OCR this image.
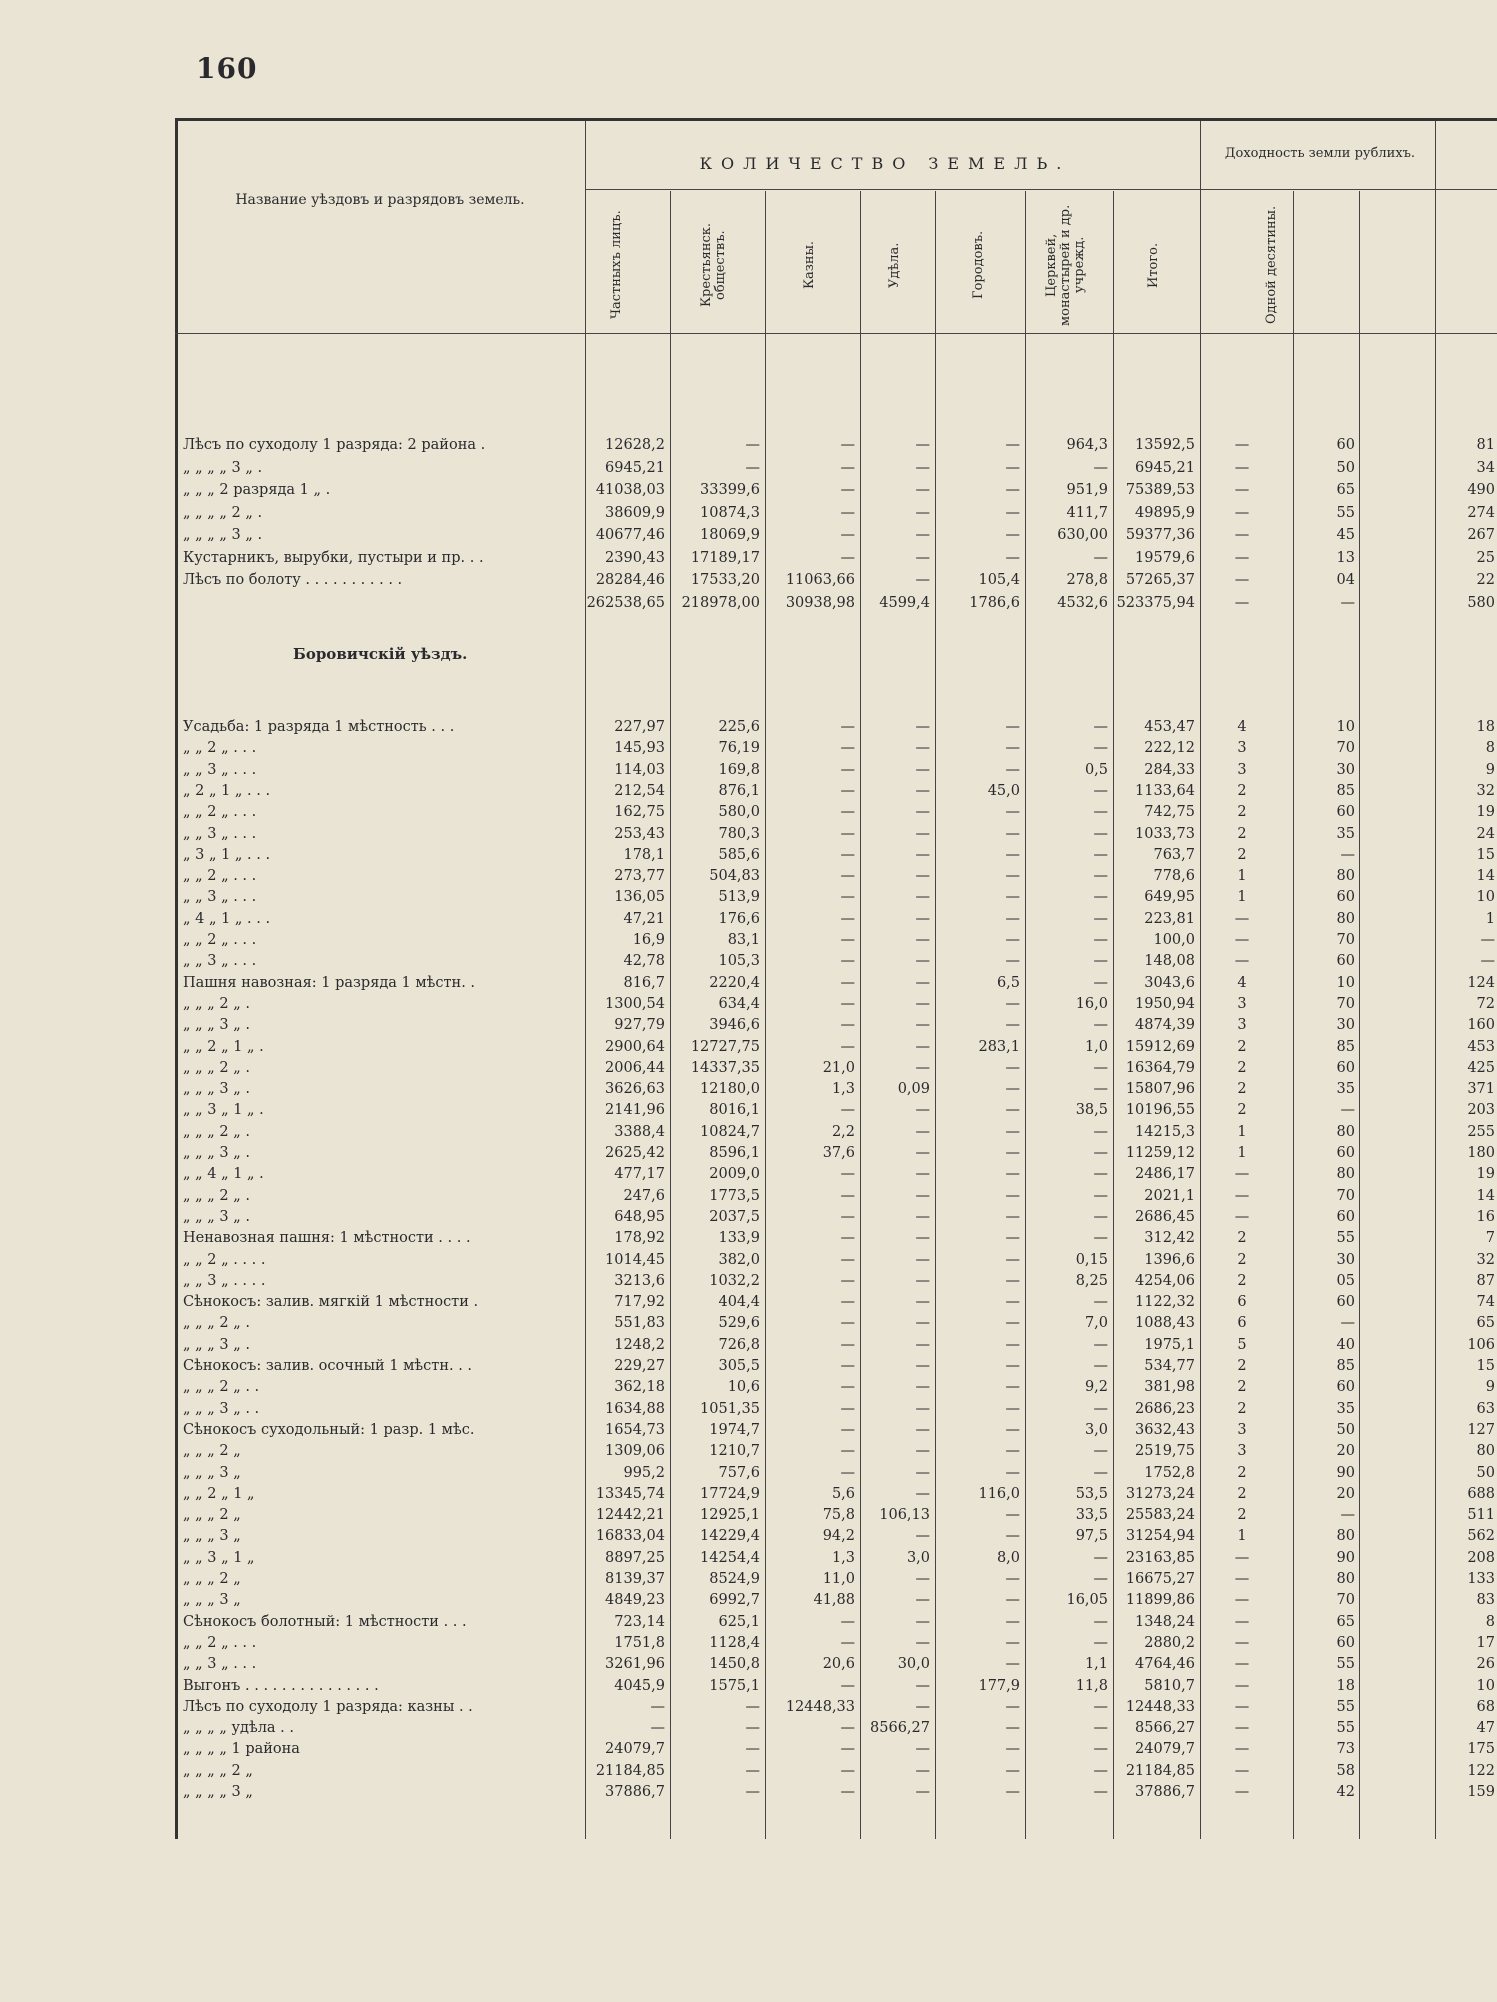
160
Название уѣздовъ и разрядовъ земель.
КОЛИЧЕСТВО ЗЕМЕЛЬ.
Доходность земли рублихъ.
Частныхъ лицъ.	Крестьянск. обществъ.	Казны.	Удѣла.	Городовъ.	Церквей, монастырей и др. учрежд.	Итого.	Одной десятины.
Лѣсъ по суходолу 1 разряда: 2 района .	12628,2	—	—	—	—	964,3	13592,5	—	60	81
„ „ „ „ 3 „ .	6945,21	—	—	—	—	—	6945,21	—	50	34
„ „ „ 2 разряда 1 „ .	41038,03	33399,6	—	—	—	951,9	75389,53	—	65	490
„ „ „ „ 2 „ .	38609,9	10874,3	—	—	—	411,7	49895,9	—	55	274
„ „ „ „ 3 „ .	40677,46	18069,9	—	—	—	630,00	59377,36	—	45	267
Кустарникъ, вырубки, пустыри и пр. . .	2390,43	17189,17	—	—	—	—	19579,6	—	13	25
Лѣсъ по болоту . . . . . . . . . . .	28284,46	17533,20	11063,66	—	105,4	278,8	57265,37	—	04	22
262538,65	218978,00	30938,98	4599,4	1786,6	4532,6 523375,94	—	—	580
Усадьба: 1 разряда 1 мѣстность . . .	227,97	225,6	—	—	—	—	453,47	4	10	18
„ „ 2 „ . . .	145,93	76,19	—	—	—	—	222,12	3	70	8
„ „ 3 „ . . .	114,03	169,8	—	—	—	0,5	284,33	3	30	9
„ 2 „ 1 „ . . .	212,54	876,1	—	—	45,0	—	1133,64	2	85	32
„ „ 2 „ . . .	162,75	580,0	—	—	—	—	742,75	2	60	19
„ „ 3 „ . . .	253,43	780,3	—	—	—	—	1033,73	2	35	24
„ 3 „ 1 „ . . .	178,1	585,6	—	—	—	—	763,7	2	—	15
„ „ 2 „ . . .	273,77	504,83	—	—	—	—	778,6	1	80	14
„ „ 3 „ . . .	136,05	513,9	—	—	—	—	649,95	1	60	10
„ 4 „ 1 „ . . .	47,21	176,6	—	—	—	—	223,81	—	80	1
„ „ 2 „ . . .	16,9	83,1	—	—	—	—	100,0	—	70	—
„ „ 3 „ . . .	42,78	105,3	—	—	—	—	148,08	—	60	—
Пашня навозная: 1 разряда 1 мѣстн. .	816,7	2220,4	—	—	6,5	—	3043,6	4	10	124
„ „ „ 2 „ .	1300,54	634,4	—	—	—	16,0	1950,94	3	70	72
„ „ „ 3 „ .	927,79	3946,6	—	—	—	—	4874,39	3	30	160
„ „ 2 „ 1 „ .	2900,64	12727,75	—	—	283,1	1,0	15912,69	2	85	453
„ „ „ 2 „ .	2006,44	14337,35	21,0	—	—	—	16364,79	2	60	425
„ „ „ 3 „ .	3626,63	12180,0	1,3	0,09	—	—	15807,96	2	35	371
„ „ 3 „ 1 „ .	2141,96	8016,1	—	—	—	38,5	10196,55	2	—	203
„ „ „ 2 „ .	3388,4	10824,7	2,2	—	—	—	14215,3	1	80	255
„ „ „ 3 „ .	2625,42	8596,1	37,6	—	—	—	11259,12	1	60	180
„ „ 4 „ 1 „ .	477,17	2009,0	—	—	—	—	2486,17	—	80	19
„ „ „ 2 „ .	247,6	1773,5	—	—	—	—	2021,1	—	70	14
„ „ „ 3 „ .	648,95	2037,5	—	—	—	—	2686,45	—	60	16
Ненавозная пашня: 1 мѣстности . . . .	178,92	133,9	—	—	—	—	312,42	2	55	7
„ „ 2 „ . . . .	1014,45	382,0	—	—	—	0,15	1396,6	2	30	32
„ „ 3 „ . . . .	3213,6	1032,2	—	—	—	8,25	4254,06	2	05	87
Сѣнокосъ: залив. мягкій 1 мѣстности .	717,92	404,4	—	—	—	—	1122,32	6	60	74
„ „ „ 2 „ .	551,83	529,6	—	—	—	7,0	1088,43	6	—	65
„ „ „ 3 „ .	1248,2	726,8	—	—	—	—	1975,1	5	40	106
Сѣнокосъ: залив. осочный 1 мѣстн. . .	229,27	305,5	—	—	—	—	534,77	2	85	15
„ „ „ 2 „ . .	362,18	10,6	—	—	—	9,2	381,98	2	60	9
„ „ „ 3 „ . .	1634,88	1051,35	—	—	—	—	2686,23	2	35	63
Сѣнокосъ суходольный: 1 разр. 1 мѣс.	1654,73	1974,7	—	—	—	3,0	3632,43	3	50	127
„ „ „ 2 „	1309,06	1210,7	—	—	—	—	2519,75	3	20	80
„ „ „ 3 „	995,2	757,6	—	—	—	—	1752,8	2	90	50
„ „ 2 „ 1 „	13345,74	17724,9	5,6	—	116,0	53,5	31273,24	2	20	688
„ „ „ 2 „	12442,21	12925,1	75,8	106,13	—	33,5	25583,24	2	—	511
„ „ „ 3 „	16833,04	14229,4	94,2	—	—	97,5	31254,94	1	80	562
„ „ 3 „ 1 „	8897,25	14254,4	1,3	3,0	8,0	—	23163,85	—	90	208
„ „ „ 2 „	8139,37	8524,9	11,0	—	—	—	16675,27	—	80	133
„ „ „ 3 „	4849,23	6992,7	41,88	—	—	16,05	11899,86	—	70	83
Сѣнокосъ болотный: 1 мѣстности . . .	723,14	625,1	—	—	—	—	1348,24	—	65	8
„ „ 2 „ . . .	1751,8	1128,4	—	—	—	—	2880,2	—	60	17
„ „ 3 „ . . .	3261,96	1450,8	20,6	30,0	—	1,1	4764,46	—	55	26
Выгонъ . . . . . . . . . . . . . . .	4045,9	1575,1	—	—	177,9	11,8	5810,7	—	18	10
Лѣсъ по суходолу 1 разряда: казны . .	—	—	12448,33	—	—	—	12448,33	—	55	68
„ „ „ „ удѣла . .	—	—	—	8566,27	—	—	8566,27	—	55	47
„ „ „ „ 1 района	24079,7	—	—	—	—	—	24079,7	—	73	175
„ „ „ „ 2 „	21184,85	—	—	—	—	—	21184,85	—	58	122
„ „ „ „ 3 „	37886,7	—	—	—	—	—	37886,7	—	42	159
Боровичскій уѣздъ.
